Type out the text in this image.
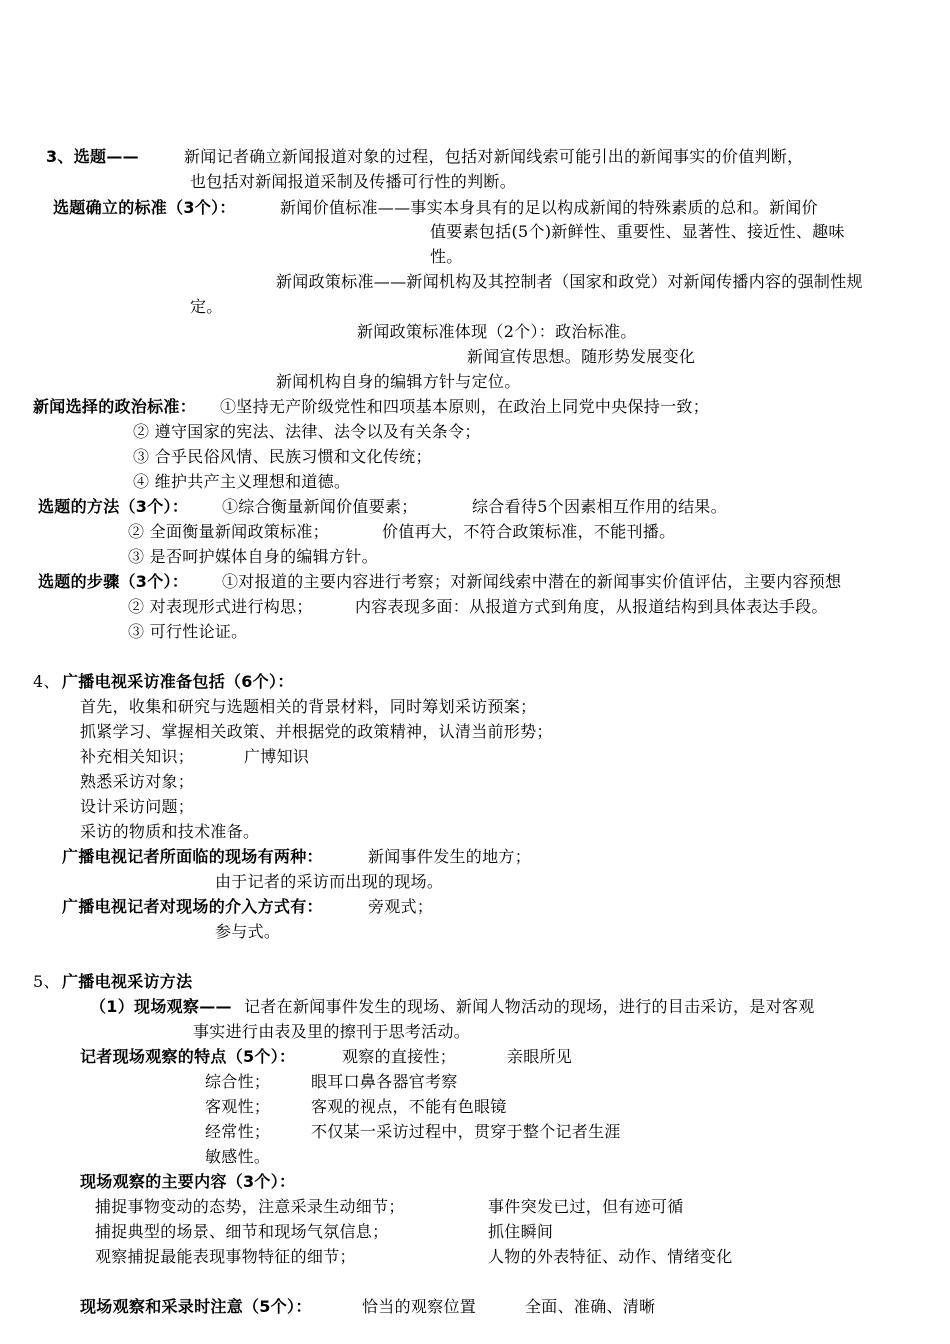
3、选题——	新闻记者确立新闻报道对象的过程，包括对新闻线索可能引出的新闻事实的价值判断，
也包括对新闻报道采制及传播可行性的判断。
选题确立的标准（3个）：	新闻价值标准——事实本身具有的足以构成新闻的特殊素质的总和。新闻价
值要素包括(5个)新鲜性、重要性、显著性、接近性、趣味
性。
新闻政策标准——新闻机构及其控制者（国家和政党）对新闻传播内容的强制性规
定。
新闻政策标准体现（2个）：政治标准。
新闻宣传思想。随形势发展变化
新闻机构自身的编辑方针与定位。
新闻选择的政治标准： ①坚持无产阶级党性和四项基本原则，在政治上同党中央保持一致；
② 遵守国家的宪法、法律、法令以及有关条令；
③ 合乎民俗风情、民族习惯和文化传统；
④ 维护共产主义理想和道德。
选题的方法（3个）： ①综合衡量新闻价值要素；	综合看待5个因素相互作用的结果。
② 全面衡量新闻政策标准；	价值再大，不符合政策标准，不能刊播。
③ 是否呵护媒体自身的编辑方针。
选题的步骤（3个）： ①对报道的主要内容进行考察；对新闻线索中潜在的新闻事实价值评估，主要内容预想
② 对表现形式进行构思；	内容表现多面：从报道方式到角度，从报道结构到具体表达手段。
③ 可行性论证。
4、 广播电视采访准备包括（6个）：
首先，收集和研究与选题相关的背景材料，同时筹划采访预案；
抓紧学习、掌握相关政策、并根据党的政策精神，认清当前形势；
补充相关知识；	广博知识
熟悉采访对象；
设计采访问题；
采访的物质和技术准备。
广播电视记者所面临的现场有两种：	新闻事件发生的地方；
由于记者的采访而出现的现场。
广播电视记者对现场的介入方式有：	旁观式；
参与式。
5、 广播电视采访方法
（1）现场观察—— 记者在新闻事件发生的现场、新闻人物活动的现场，进行的目击采访，是对客观
事实进行由表及里的擦刊于思考活动。
记者现场观察的特点（5个）：	观察的直接性；	亲眼所见
综合性；	眼耳口鼻各器官考察
客观性；	客观的视点，不能有色眼镜
经常性；	不仅某一采访过程中，贯穿于整个记者生涯
敏感性。
现场观察的主要内容（3个）：
捕捉事物变动的态势，注意采录生动细节；	事件突发已过，但有迹可循
捕捉典型的场景、细节和现场气氛信息；	抓住瞬间
观察捕捉最能表现事物特征的细节；	人物的外表特征、动作、情绪变化
现场观察和采录时注意（5个）：	恰当的观察位置	全面、准确、清晰
